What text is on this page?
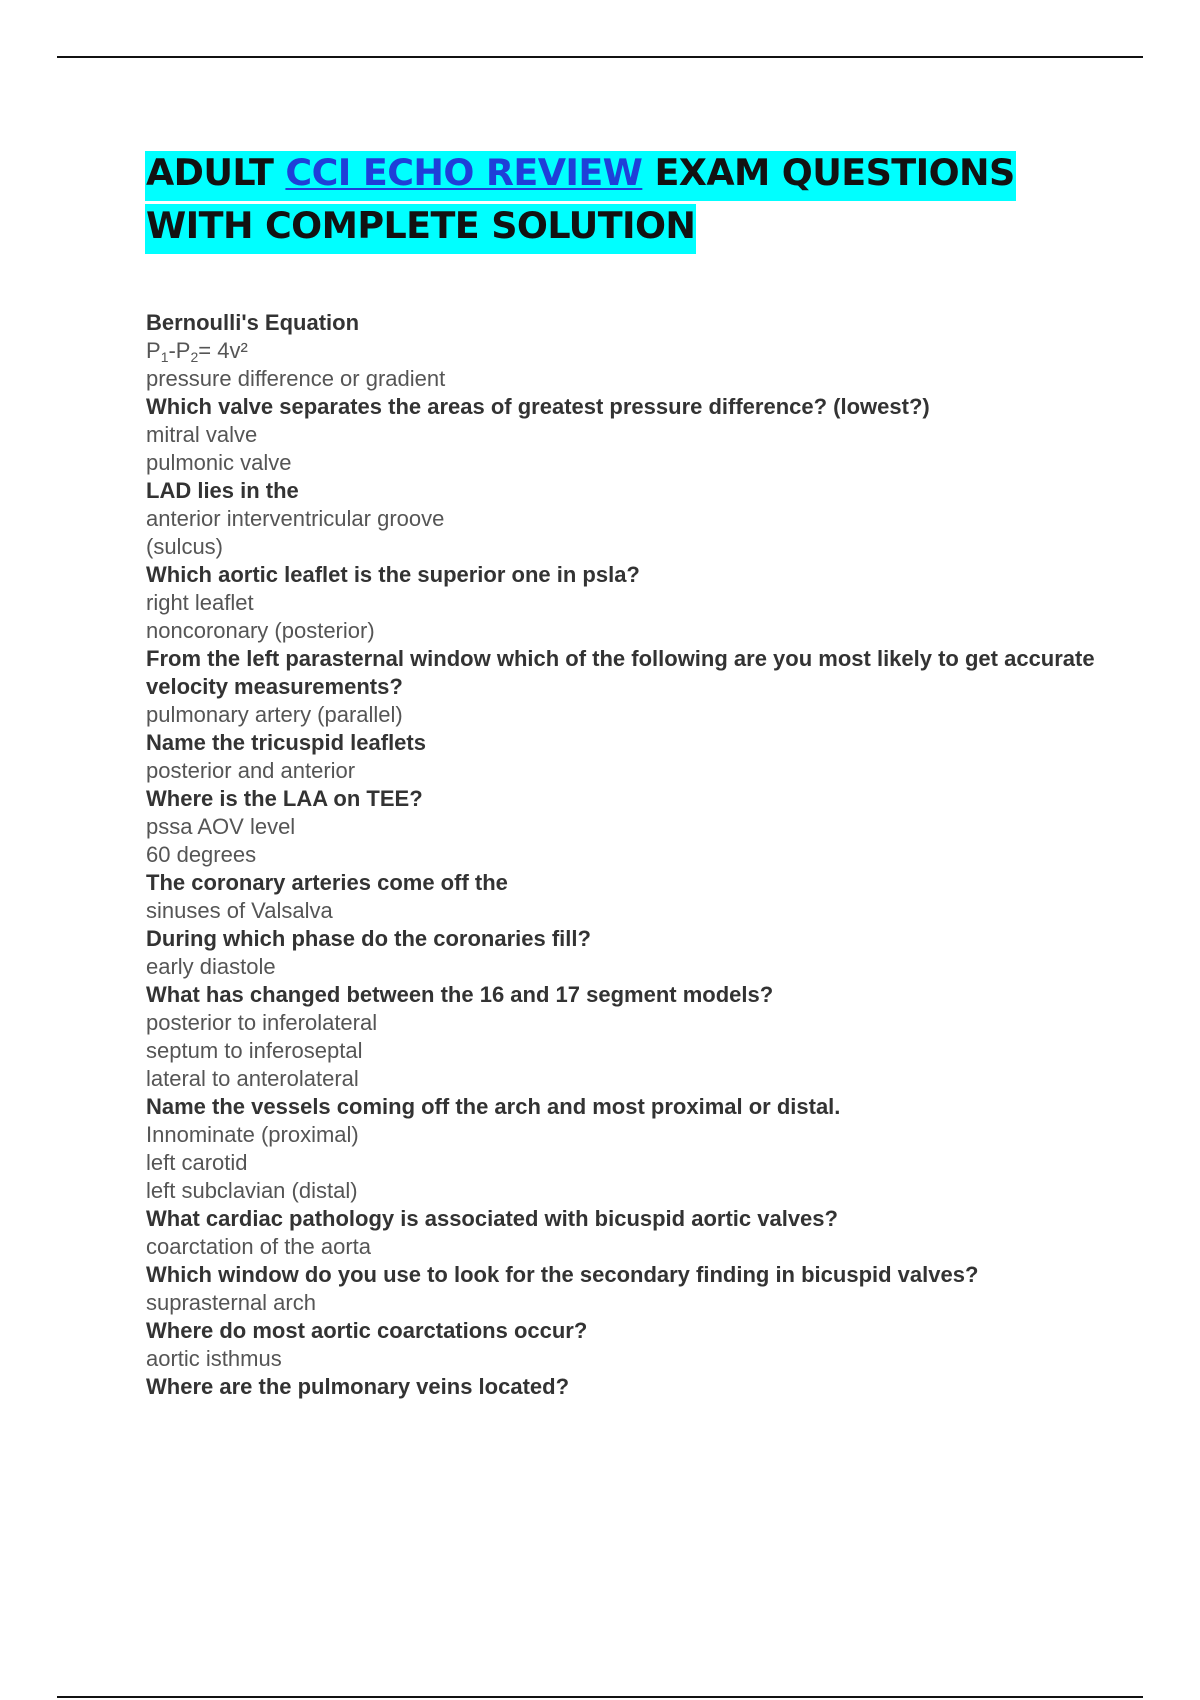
ADULT CCI ECHO REVIEW EXAM QUESTIONS WITH COMPLETE SOLUTION
Bernoulli's Equation
$P_1-P_2= 4v^2$
pressure difference or gradient
Which valve separates the areas of greatest pressure difference? (lowest?)
mitral valve
pulmonic valve
LAD lies in the
anterior interventricular groove
(sulcus)
Which aortic leaflet is the superior one in psla?
right leaflet
noncoronary (posterior)
From the left parasternal window which of the following are you most likely to get accurate velocity measurements?
pulmonary artery (parallel)
Name the tricuspid leaflets
posterior and anterior
Where is the LAA on TEE?
pssa AOV level
60 degrees
The coronary arteries come off the
sinuses of Valsalva
During which phase do the coronaries fill?
early diastole
What has changed between the 16 and 17 segment models?
posterior to inferolateral
septum to inferoseptal
lateral to anterolateral
Name the vessels coming off the arch and most proximal or distal.
Innominate (proximal)
left carotid
left subclavian (distal)
What cardiac pathology is associated with bicuspid aortic valves?
coarctation of the aorta
Which window do you use to look for the secondary finding in bicuspid valves?
suprasternal arch
Where do most aortic coarctations occur?
aortic isthmus
Where are the pulmonary veins located?
